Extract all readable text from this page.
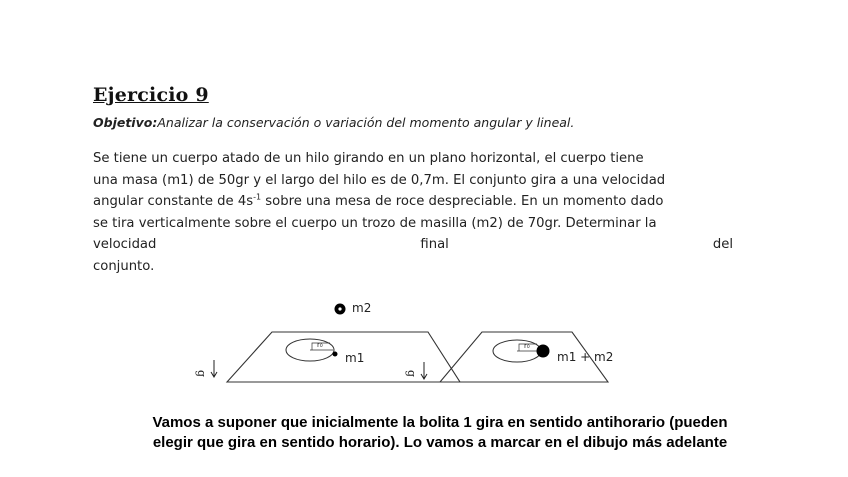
Ejercicio 9
Objetivo:Analizar la conservación o variación del momento angular y lineal.
Se tiene un cuerpo atado de un hilo girando en un plano horizontal, el cuerpo tiene
una masa (m1) de 50gr y el largo del hilo es de 0,7m. El conjunto gira a una velocidad
angular constante de $4s^{-1}$ sobre una mesa de roce despreciable. En un momento dado
se tira verticalmente sobre el cuerpo un trozo de masilla (m2) de 70gr. Determinar la
velocidad	final	del
conjunto.
m2
g
r₀
m1
g
r₀
m1 + m2
Vamos a suponer que inicialmente la bolita 1 gira en sentido antihorario (pueden
elegir que gira en sentido horario). Lo vamos a marcar en el dibujo más adelante
